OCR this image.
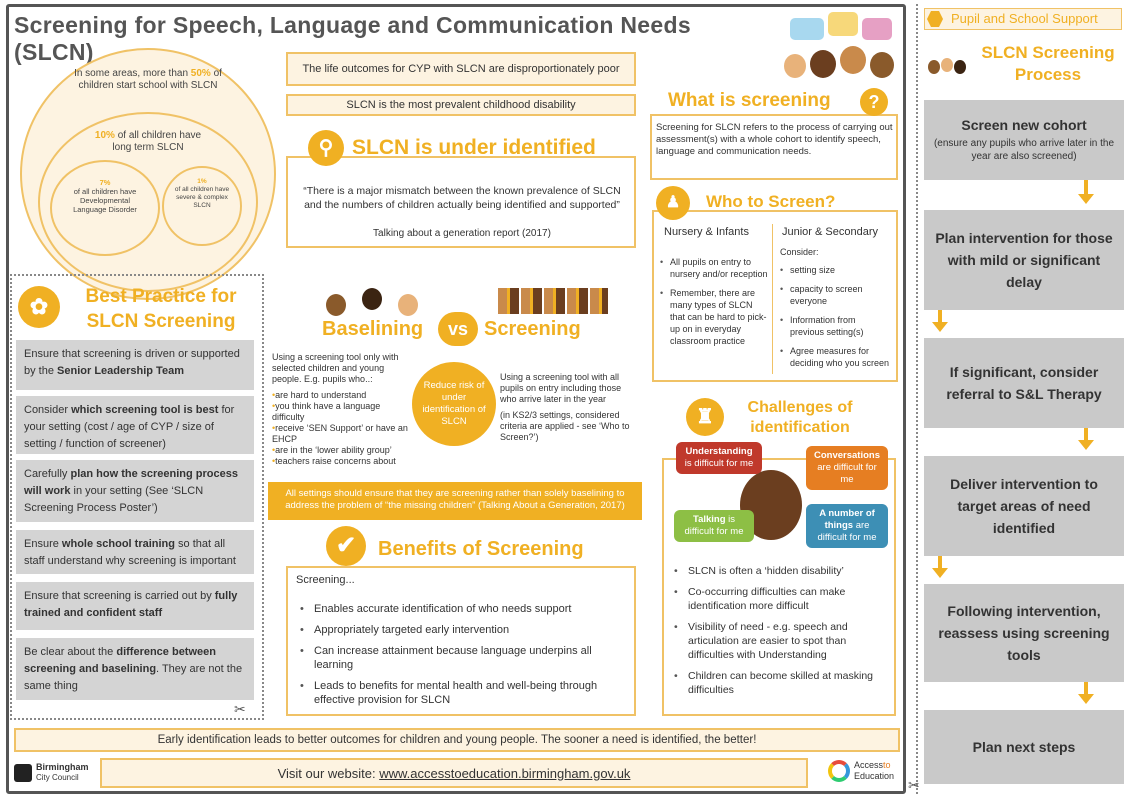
Screening for Speech, Language and Communication Needs (SLCN)
In some areas, more than 50% of children start school with SLCN
10% of all children have long term SLCN
7%
of all children have Developmental Language Disorder
1%
of all children have severe & complex SLCN
The life outcomes for CYP with SLCN are disproportionately poor
SLCN is the most prevalent childhood disability
⚲ SLCN is under identified
“There is a major mismatch between the known prevalence of SLCN and the numbers of children actually being identified and supported”
Talking about a generation report (2017)
What is screening	?
Screening for SLCN refers to the process of carrying out assessment(s) with a whole cohort to identify speech, language and communication needs.
♟	Who to Screen?
Nursery & Infants
• All pupils on entry to nursery and/or reception
• Remember, there are many types of SLCN that can be hard to pick-up on in everyday classroom practice
Junior & Secondary
Consider:
• setting size
• capacity to screen everyone
• Information from previous setting(s)
• Agree measures for deciding who you screen
✿	Best Practice for SLCN Screening
Ensure that screening is driven or supported by the Senior Leadership Team
Consider which screening tool is best for your setting (cost / age of CYP / size of setting / function of screener)
Carefully plan how the screening process will work in your setting (See ‘SLCN Screening Process Poster’)
Ensure whole school training so that all staff understand why screening is important
Ensure that screening is carried out by fully trained and confident staff
Be clear about the difference between screening and baselining. They are not the same thing
✂
Baselining	vs Screening
Using a screening tool only with selected children and young people. E.g. pupils who..:
•are hard to understand
•you think have a language difficulty
•receive ‘SEN Support’ or have an EHCP
•are in the ‘lower ability group’
•teachers raise concerns about
Reduce risk of under identification of SLCN
Using a screening tool with all pupils on entry including those who arrive later in the year
(in KS2/3 settings, considered criteria are applied - see ‘Who to Screen?’)
All settings should ensure that they are screening rather than solely baselining to address the problem of “the missing children” (Talking About a Generation, 2017)
✔	Benefits of Screening
Screening...
• Enables accurate identification of who needs support
• Appropriately targeted early intervention
• Can increase attainment because language underpins all learning
• Leads to benefits for mental health and well-being through effective provision for SLCN
♜	Challenges of identification
Understanding is difficult for me
Conversations are difficult for me
Talking is difficult for me
A number of things are difficult for me
• SLCN is often a ‘hidden disability’
• Co-occurring difficulties can make identification more difficult
• Visibility of need - e.g. speech and articulation are easier to spot than difficulties with Understanding
• Children can become skilled at masking difficulties
Early identification leads to better outcomes for children and young people. The sooner a need is identified, the better!
Birmingham
City Council	Visit our website:
www.accesstoeducation.birmingham.gov.uk
Accessto
Education
Pupil and School Support
SLCN Screening Process
Screen new cohort
(ensure any pupils who arrive later in the year are also screened)
Plan intervention for those with mild or significant delay
If significant, consider referral to S&L Therapy
Deliver intervention to target areas of need identified
Following intervention, reassess using screening tools
Plan next steps
✂
